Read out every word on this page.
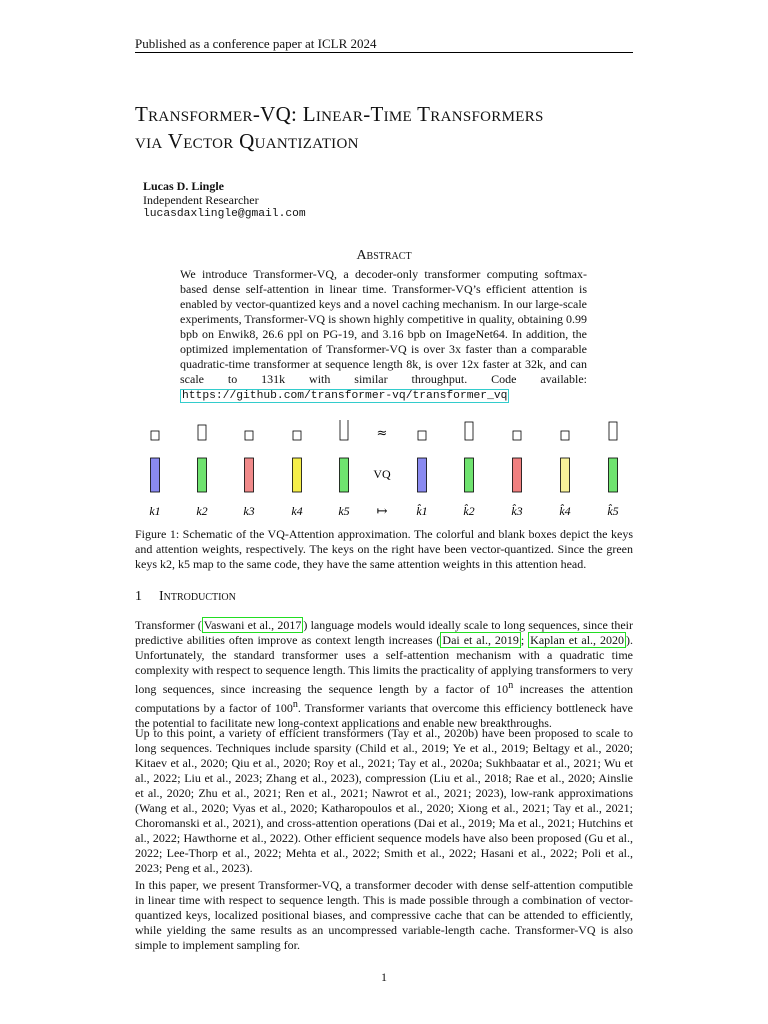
Published as a conference paper at ICLR 2024
Transformer-VQ: Linear-Time Transformers
via Vector Quantization
Lucas D. Lingle
Independent Researcher
lucasdaxlingle@gmail.com
Abstract
We introduce Transformer-VQ, a decoder-only transformer computing softmax-based dense self-attention in linear time. Transformer-VQ’s efficient attention is enabled by vector-quantized keys and a novel caching mechanism. In our large-scale experiments, Transformer-VQ is shown highly competitive in quality, obtaining 0.99 bpb on Enwik8, 26.6 ppl on PG-19, and 3.16 bpb on ImageNet64. In addition, the optimized implementation of Transformer-VQ is over 3x faster than a comparable quadratic-time transformer at sequence length 8k, is over 12x faster at 32k, and can scale to 131k with similar throughput. Code available: https://github.com/transformer-vq/transformer_vq
k1	k2	k3	k4	k5	k̂1	k̂2	k̂3	k̂4	k̂5
≈
VQ
↦
Figure 1: Schematic of the VQ-Attention approximation. The colorful and blank boxes depict the keys and attention weights, respectively. The keys on the right have been vector-quantized. Since the green keys k2, k5 map to the same code, they have the same attention weights in this attention head.
1 Introduction
Transformer ( Vaswani et al., 2017 ) language models would ideally scale to long sequences, since their predictive abilities often improve as context length increases ( Dai et al., 2019 ; Kaplan et al., 2020 ). Unfortunately, the standard transformer uses a self-attention mechanism with a quadratic time complexity with respect to sequence length. This limits the practicality of applying transformers to very long sequences, since increasing the sequence length by a factor of 10$^n$ increases the attention computations by a factor of 100$^n$. Transformer variants that overcome this efficiency bottleneck have the potential to facilitate new long-context applications and enable new breakthroughs.
Up to this point, a variety of efficient transformers (Tay et al., 2020b) have been proposed to scale to long sequences. Techniques include sparsity (Child et al., 2019; Ye et al., 2019; Beltagy et al., 2020; Kitaev et al., 2020; Qiu et al., 2020; Roy et al., 2021; Tay et al., 2020a; Sukhbaatar et al., 2021; Wu et al., 2022; Liu et al., 2023; Zhang et al., 2023), compression (Liu et al., 2018; Rae et al., 2020; Ainslie et al., 2020; Zhu et al., 2021; Ren et al., 2021; Nawrot et al., 2021; 2023), low-rank approximations (Wang et al., 2020; Vyas et al., 2020; Katharopoulos et al., 2020; Xiong et al., 2021; Tay et al., 2021; Choromanski et al., 2021), and cross-attention operations (Dai et al., 2019; Ma et al., 2021; Hutchins et al., 2022; Hawthorne et al., 2022). Other efficient sequence models have also been proposed (Gu et al., 2022; Lee-Thorp et al., 2022; Mehta et al., 2022; Smith et al., 2022; Hasani et al., 2022; Poli et al., 2023; Peng et al., 2023).
In this paper, we present Transformer-VQ, a transformer decoder with dense self-attention computible in linear time with respect to sequence length. This is made possible through a combination of vector-quantized keys, localized positional biases, and compressive cache that can be attended to efficiently, while yielding the same results as an uncompressed variable-length cache. Transformer-VQ is also simple to implement sampling for.
1
